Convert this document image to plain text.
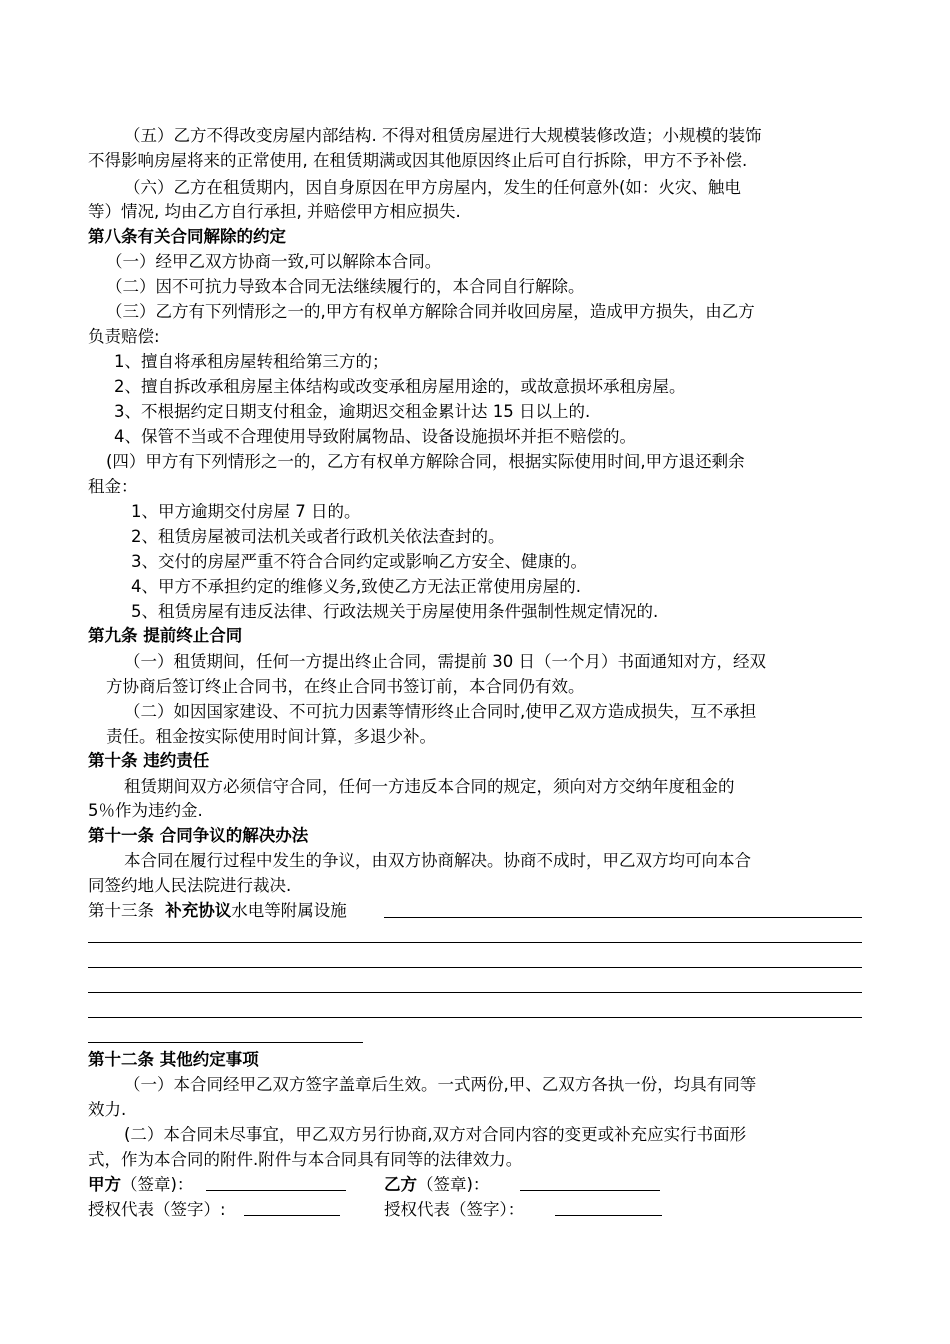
（五）乙方不得改变房屋内部结构. 不得对租赁房屋进行大规模装修改造；小规模的装饰
不得影响房屋将来的正常使用, 在租赁期满或因其他原因终止后可自行拆除，甲方不予补偿.
（六）乙方在租赁期内，因自身原因在甲方房屋内，发生的任何意外(如：火灾、触电
等）情况, 均由乙方自行承担, 并赔偿甲方相应损失.
第八条有关合同解除的约定
（一）经甲乙双方协商一致,可以解除本合同。
（二）因不可抗力导致本合同无法继续履行的，本合同自行解除。
（三）乙方有下列情形之一的,甲方有权单方解除合同并收回房屋，造成甲方损失，由乙方
负责赔偿:
1、擅自将承租房屋转租给第三方的；
2、擅自拆改承租房屋主体结构或改变承租房屋用途的，或故意损坏承租房屋。
3、不根据约定日期支付租金，逾期迟交租金累计达 15 日以上的.
4、保管不当或不合理使用导致附属物品、设备设施损坏并拒不赔偿的。
(四）甲方有下列情形之一的，乙方有权单方解除合同，根据实际使用时间,甲方退还剩余
租金：
1、甲方逾期交付房屋 7 日的。
2、租赁房屋被司法机关或者行政机关依法查封的。
3、交付的房屋严重不符合合同约定或影响乙方安全、健康的。
4、甲方不承担约定的维修义务,致使乙方无法正常使用房屋的.
5、租赁房屋有违反法律、行政法规关于房屋使用条件强制性规定情况的.
第九条 提前终止合同
（一）租赁期间，任何一方提出终止合同，需提前 30 日（一个月）书面通知对方，经双
方协商后签订终止合同书，在终止合同书签订前，本合同仍有效。
（二）如因国家建设、不可抗力因素等情形终止合同时,使甲乙双方造成损失，互不承担
责任。租金按实际使用时间计算，多退少补。
第十条 违约责任
租赁期间双方必须信守合同，任何一方违反本合同的规定，须向对方交纳年度租金的
5％作为违约金.
第十一条 合同争议的解决办法
本合同在履行过程中发生的争议，由双方协商解决。协商不成时，甲乙双方均可向本合
同签约地人民法院进行裁决.
第十三条 补充协议水电等附属设施
第十二条 其他约定事项
（一）本合同经甲乙双方签字盖章后生效。一式两份,甲、乙双方各执一份，均具有同等
效力.
(二）本合同未尽事宜，甲乙双方另行协商,双方对合同内容的变更或补充应实行书面形
式，作为本合同的附件.附件与本合同具有同等的法律效力。
甲方（签章)：	乙方（签章)：
授权代表（签字）:	授权代表（签字）：
